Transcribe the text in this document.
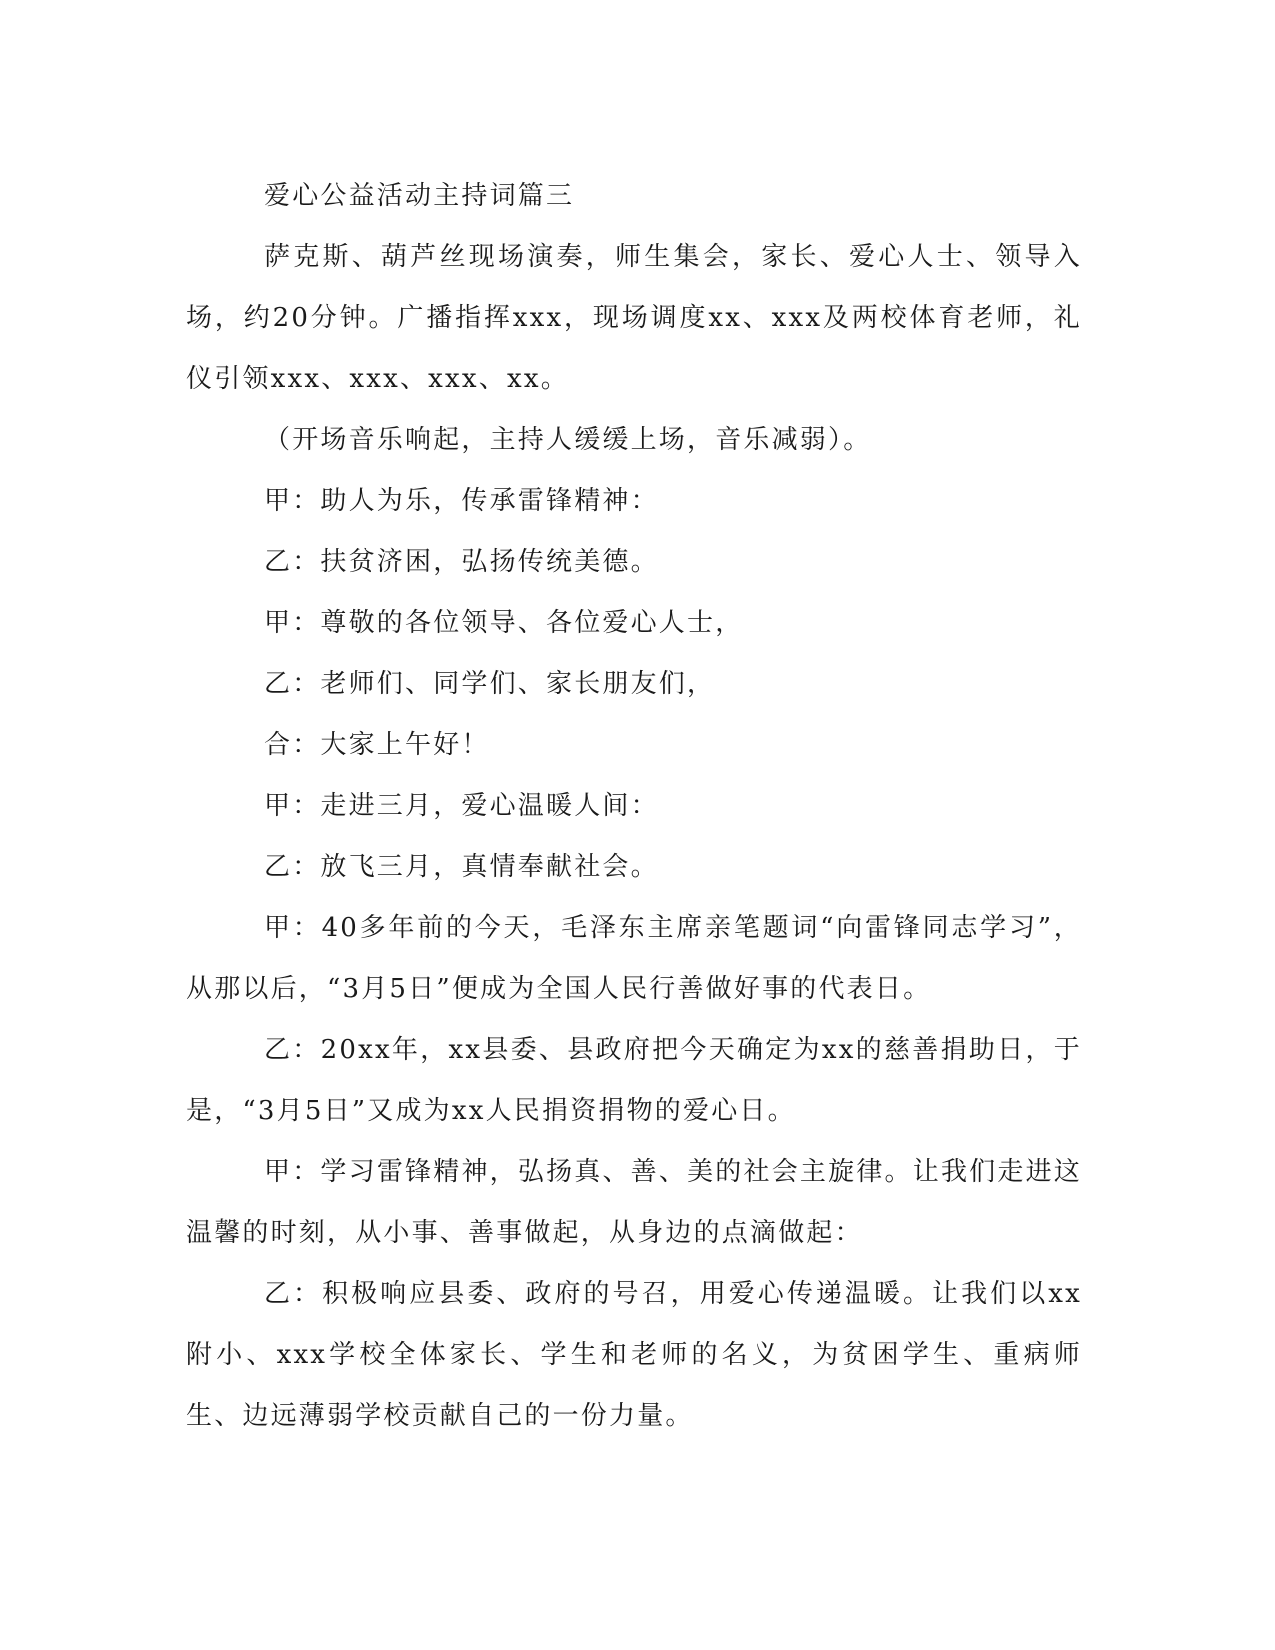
爱心公益活动主持词篇三

萨克斯、葫芦丝现场演奏，师生集会，家长、爱心人士、领导入场，约20分钟。广播指挥xxx，现场调度xx、xxx及两校体育老师，礼仪引领xxx、xxx、xxx、xx。

（开场音乐响起，主持人缓缓上场，音乐减弱）。

甲：助人为乐，传承雷锋精神：

乙：扶贫济困，弘扬传统美德。

甲：尊敬的各位领导、各位爱心人士，

乙：老师们、同学们、家长朋友们，

合：大家上午好！

甲：走进三月，爱心温暖人间：

乙：放飞三月，真情奉献社会。

甲：40多年前的今天，毛泽东主席亲笔题词“向雷锋同志学习”，从那以后，“3月5日”便成为全国人民行善做好事的代表日。

乙：20xx年，xx县委、县政府把今天确定为xx的慈善捐助日，于是，“3月5日”又成为xx人民捐资捐物的爱心日。

甲：学习雷锋精神，弘扬真、善、美的社会主旋律。让我们走进这温馨的时刻，从小事、善事做起，从身边的点滴做起：

乙：积极响应县委、政府的号召，用爱心传递温暖。让我们以xx附小、xxx学校全体家长、学生和老师的名义，为贫困学生、重病师生、边远薄弱学校贡献自己的一份力量。
